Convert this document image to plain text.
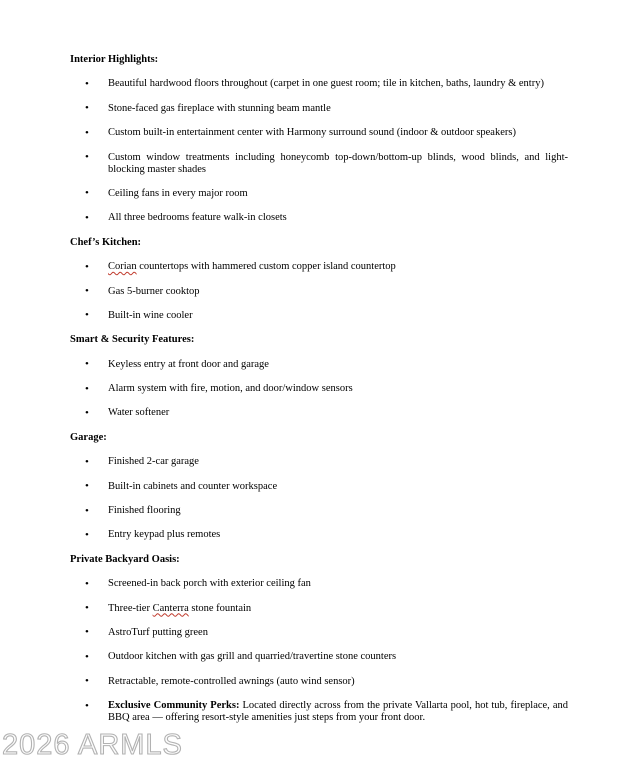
Interior Highlights:
• Beautiful hardwood floors throughout (carpet in one guest room; tile in kitchen, baths, laundry & entry)
• Stone-faced gas fireplace with stunning beam mantle
• Custom built-in entertainment center with Harmony surround sound (indoor & outdoor speakers)
• Custom window treatments including honeycomb top-down/bottom-up blinds, wood blinds, and light-blocking master shades
• Ceiling fans in every major room
• All three bedrooms feature walk-in closets
Chef’s Kitchen:
• Corian countertops with hammered custom copper island countertop
• Gas 5-burner cooktop
• Built-in wine cooler
Smart & Security Features:
• Keyless entry at front door and garage
• Alarm system with fire, motion, and door/window sensors
• Water softener
Garage:
• Finished 2-car garage
• Built-in cabinets and counter workspace
• Finished flooring
• Entry keypad plus remotes
Private Backyard Oasis:
• Screened-in back porch with exterior ceiling fan
• Three-tier Canterra stone fountain
• AstroTurf putting green
• Outdoor kitchen with gas grill and quarried/travertine stone counters
• Retractable, remote-controlled awnings (auto wind sensor)
• Exclusive Community Perks: Located directly across from the private Vallarta pool, hot tub, fireplace, and BBQ area — offering resort-style amenities just steps from your front door.
2026 ARMLS
